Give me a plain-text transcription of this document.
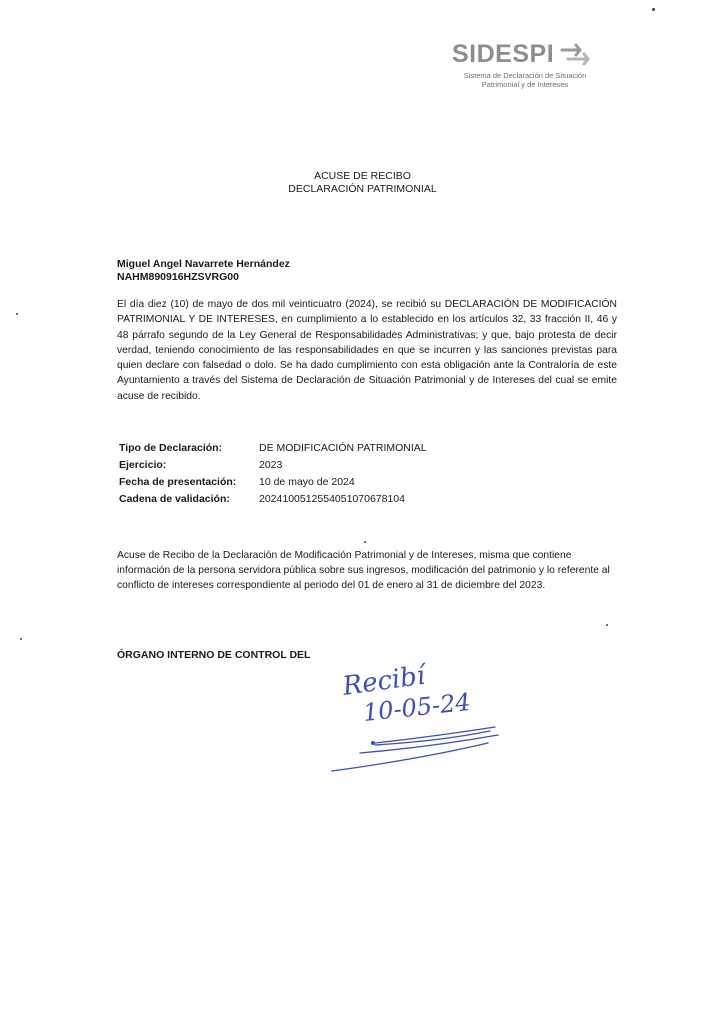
SIDESPI
Sistema de Declaración de Situación
Patrimonial y de Intereses
ACUSE DE RECIBO
DECLARACIÓN PATRIMONIAL
Miguel Angel Navarrete Hernández
NAHM890916HZSVRG00

El día diez (10) de mayo de dos mil veinticuatro (2024), se recibió su DECLARACIÓN DE MODIFICACIÓN PATRIMONIAL Y DE INTERESES, en cumplimiento a lo establecido en los artículos 32, 33 fracción II, 46 y 48 párrafo segundo de la Ley General de Responsabilidades Administrativas; y que, bajo protesta de decir verdad, teniendo conocimiento de las responsabilidades en que se incurren y las sanciones previstas para quien declare con falsedad o dolo. Se ha dado cumplimiento con esta obligación ante la Contraloría de este Ayuntamiento a través del Sistema de Declaración de Situación Patrimonial y de Intereses del cual se emite acuse de recibido.

Tipo de Declaración:	DE MODIFICACIÓN PATRIMONIAL
Ejercicio:	2023
Fecha de presentación:	10 de mayo de 2024
Cadena de validación:	20241005125540510706781​04

Acuse de Recibo de la Declaración de Modificación Patrimonial y de Intereses, misma que contiene información de la persona servidora pública sobre sus ingresos, modificación del patrimonio y lo referente al conflicto de intereses correspondiente al periodo del 01 de enero al 31 de diciembre del 2023.

ÓRGANO INTERNO DE CONTROL DEL
Recibí
10-05-24
